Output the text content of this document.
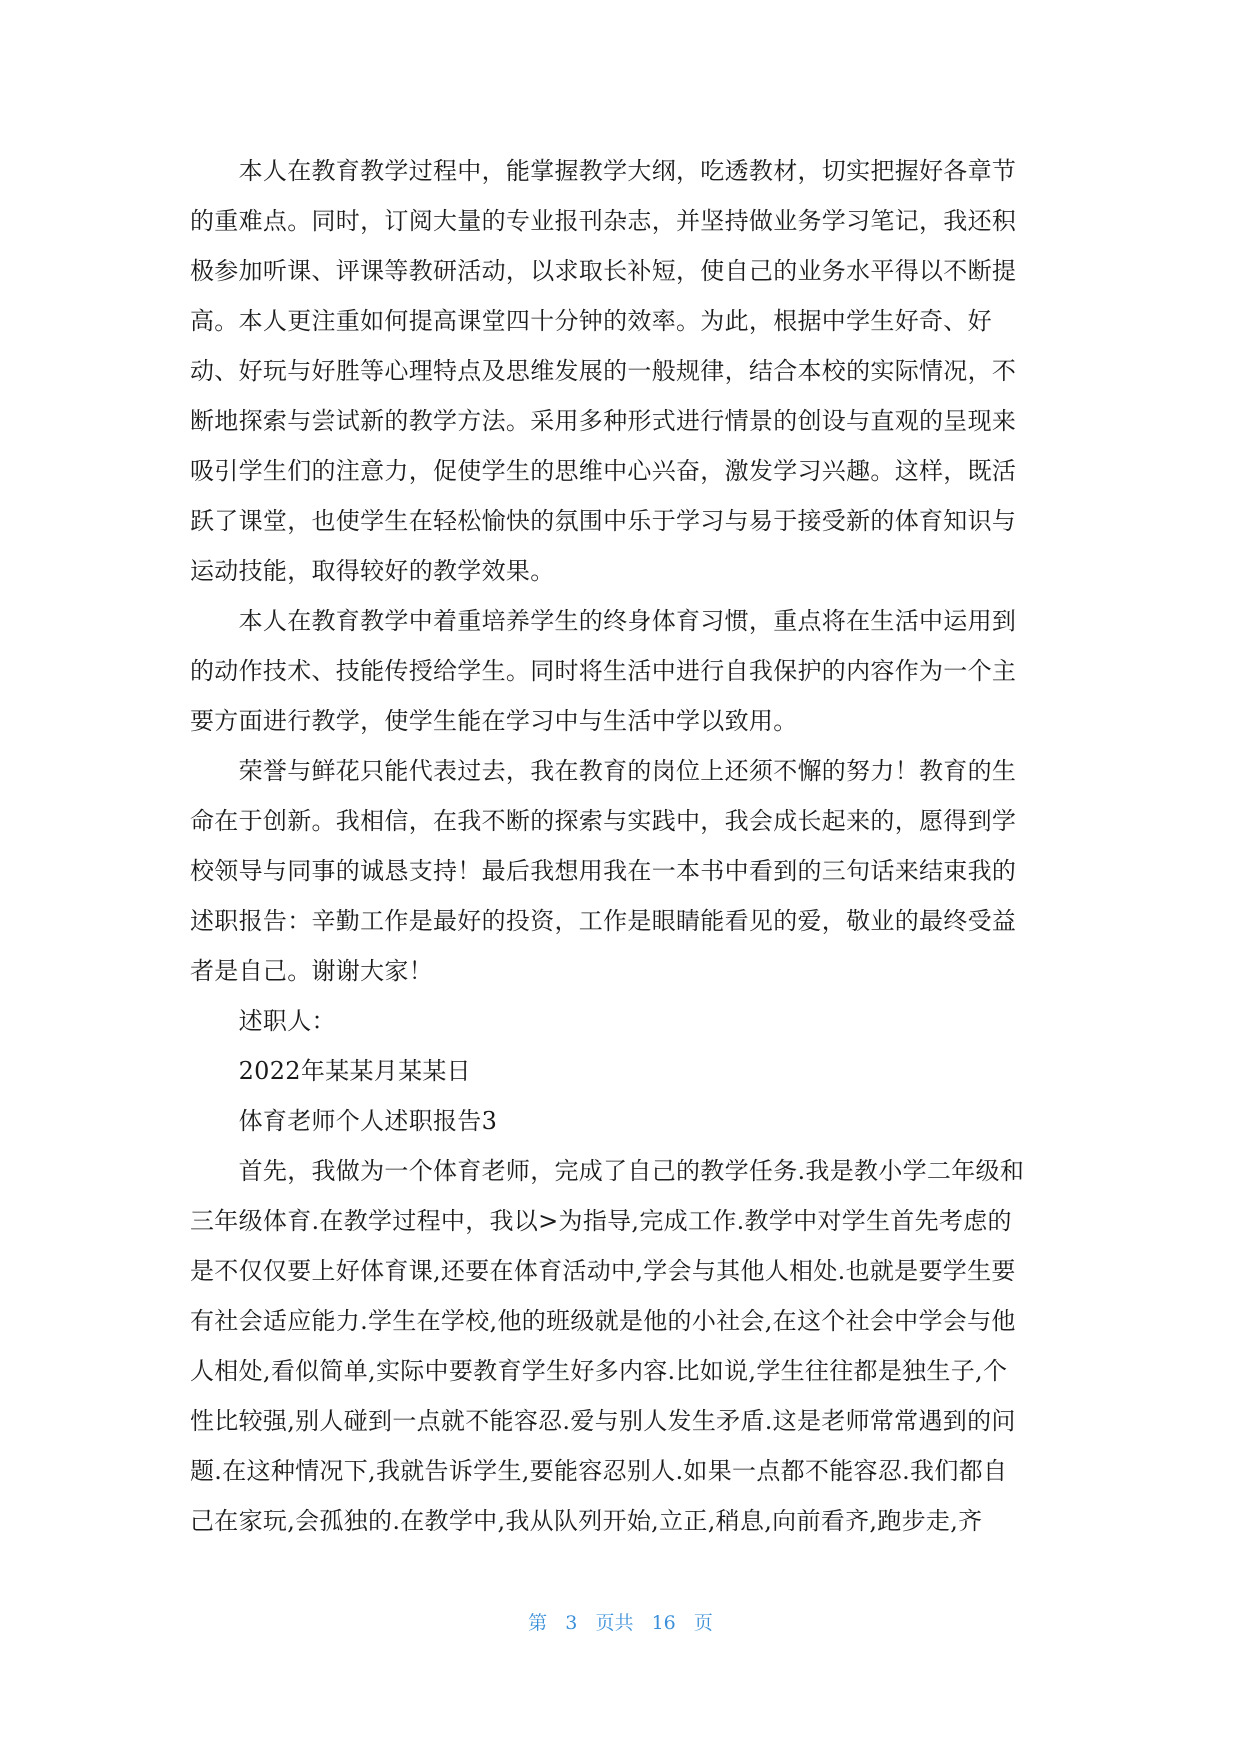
　　本人在教育教学过程中，能掌握教学大纲，吃透教材，切实把握好各章节
的重难点。同时，订阅大量的专业报刊杂志，并坚持做业务学习笔记，我还积
极参加听课、评课等教研活动，以求取长补短，使自己的业务水平得以不断提
高。本人更注重如何提高课堂四十分钟的效率。为此，根据中学生好奇、好
动、好玩与好胜等心理特点及思维发展的一般规律，结合本校的实际情况，不
断地探索与尝试新的教学方法。采用多种形式进行情景的创设与直观的呈现来
吸引学生们的注意力，促使学生的思维中心兴奋，激发学习兴趣。这样，既活
跃了课堂，也使学生在轻松愉快的氛围中乐于学习与易于接受新的体育知识与
运动技能，取得较好的教学效果。
　　本人在教育教学中着重培养学生的终身体育习惯，重点将在生活中运用到
的动作技术、技能传授给学生。同时将生活中进行自我保护的内容作为一个主
要方面进行教学，使学生能在学习中与生活中学以致用。
　　荣誉与鲜花只能代表过去，我在教育的岗位上还须不懈的努力！教育的生
命在于创新。我相信，在我不断的探索与实践中，我会成长起来的，愿得到学
校领导与同事的诚恳支持！最后我想用我在一本书中看到的三句话来结束我的
述职报告：辛勤工作是最好的投资，工作是眼睛能看见的爱，敬业的最终受益
者是自己。谢谢大家！
　　述职人：
　　2022年某某月某某日
　　体育老师个人述职报告3
　　首先，我做为一个体育老师，完成了自己的教学任务.我是教小学二年级和
三年级体育.在教学过程中，我以>为指导,完成工作.教学中对学生首先考虑的
是不仅仅要上好体育课,还要在体育活动中,学会与其他人相处.也就是要学生要
有社会适应能力.学生在学校,他的班级就是他的小社会,在这个社会中学会与他
人相处,看似简单,实际中要教育学生好多内容.比如说,学生往往都是独生子,个
性比较强,别人碰到一点就不能容忍.爱与别人发生矛盾.这是老师常常遇到的问
题.在这种情况下,我就告诉学生,要能容忍别人.如果一点都不能容忍.我们都自
己在家玩,会孤独的.在教学中,我从队列开始,立正,稍息,向前看齐,跑步走,齐
第 3 页共 16 页
